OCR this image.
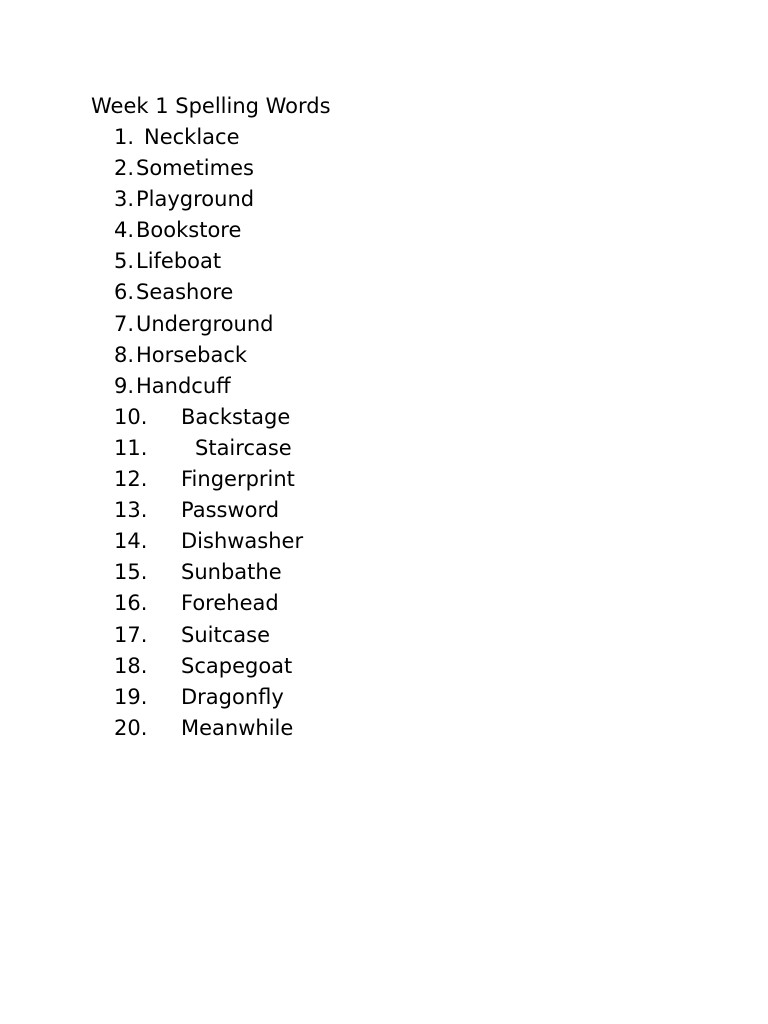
Week 1 Spelling Words
1. Necklace
2. Sometimes
3. Playground
4. Bookstore
5. Lifeboat
6. Seashore
7. Underground
8. Horseback
9. Handcuff
10. Backstage
11. Staircase
12. Fingerprint
13. Password
14. Dishwasher
15. Sunbathe
16. Forehead
17. Suitcase
18. Scapegoat
19. Dragonfly
20. Meanwhile
